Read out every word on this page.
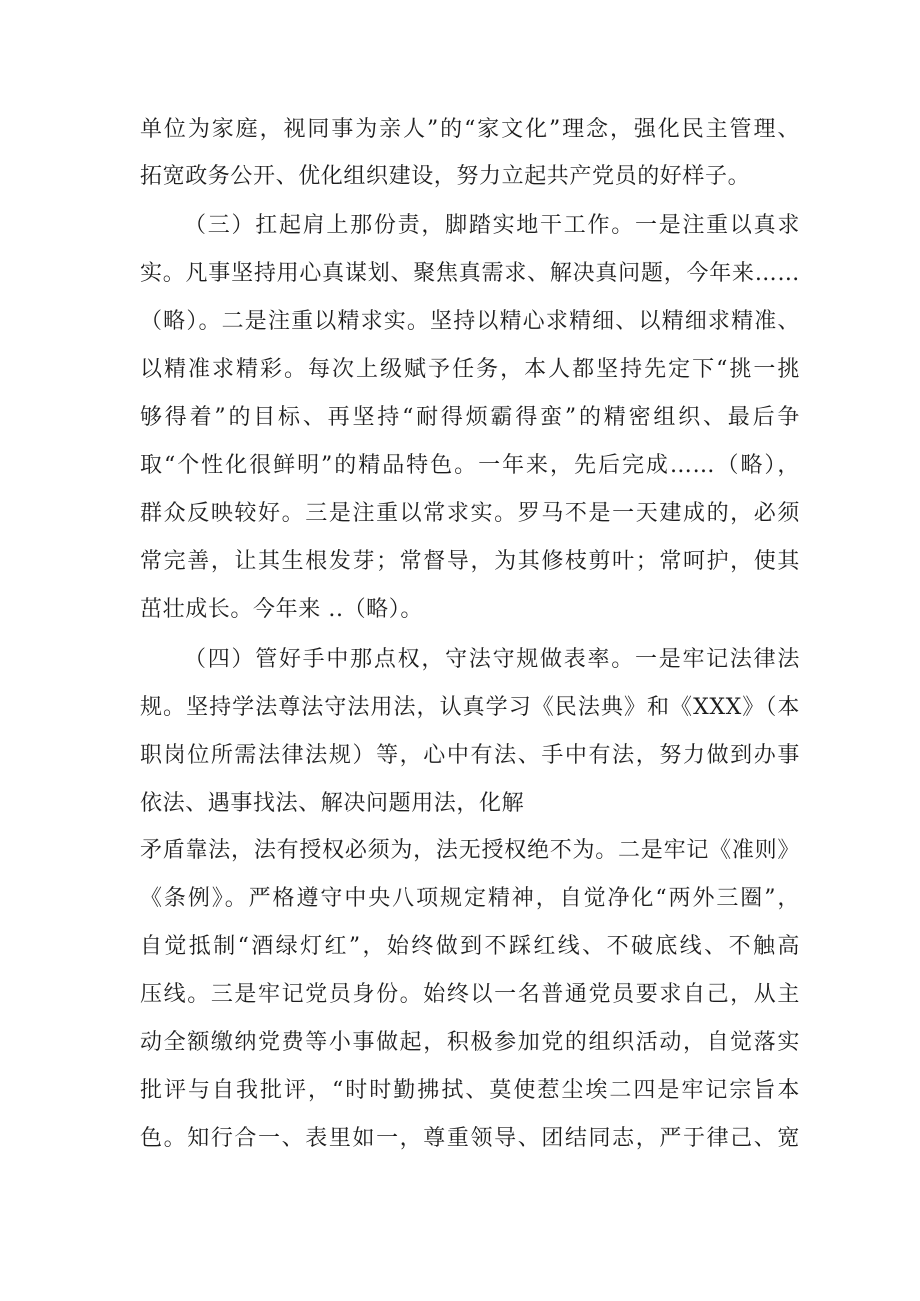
单位为家庭，视同事为亲人”的“家文化”理念，强化民主管理、
拓宽政务公开、优化组织建设，努力立起共产党员的好样子。
（三）扛起肩上那份责，脚踏实地干工作。一是注重以真求
实。凡事坚持用心真谋划、聚焦真需求、解决真问题，今年来……
（略）。二是注重以精求实。坚持以精心求精细、以精细求精准、
以精准求精彩。每次上级赋予任务，本人都坚持先定下“挑一挑
够得着”的目标、再坚持“耐得烦霸得蛮”的精密组织、最后争
取“个性化很鲜明”的精品特色。一年来，先后完成……（略），
群众反映较好。三是注重以常求实。罗马不是一天建成的，必须
常完善，让其生根发芽；常督导，为其修枝剪叶；常呵护，使其
茁壮成长。今年来 ..（略）。
（四）管好手中那点权，守法守规做表率。一是牢记法律法
规。坚持学法尊法守法用法，认真学习《民法典》和《XXX》（本
职岗位所需法律法规）等，心中有法、手中有法，努力做到办事
依法、遇事找法、解决问题用法，化解
矛盾靠法，法有授权必须为，法无授权绝不为。二是牢记《准则》
《条例》。严格遵守中央八项规定精神，自觉净化“两外三圈”，
自觉抵制“酒绿灯红”，始终做到不踩红线、不破底线、不触高
压线。三是牢记党员身份。始终以一名普通党员要求自己，从主
动全额缴纳党费等小事做起，积极参加党的组织活动，自觉落实
批评与自我批评，“时时勤拂拭、莫使惹尘埃二四是牢记宗旨本
色。知行合一、表里如一，尊重领导、团结同志，严于律己、宽
